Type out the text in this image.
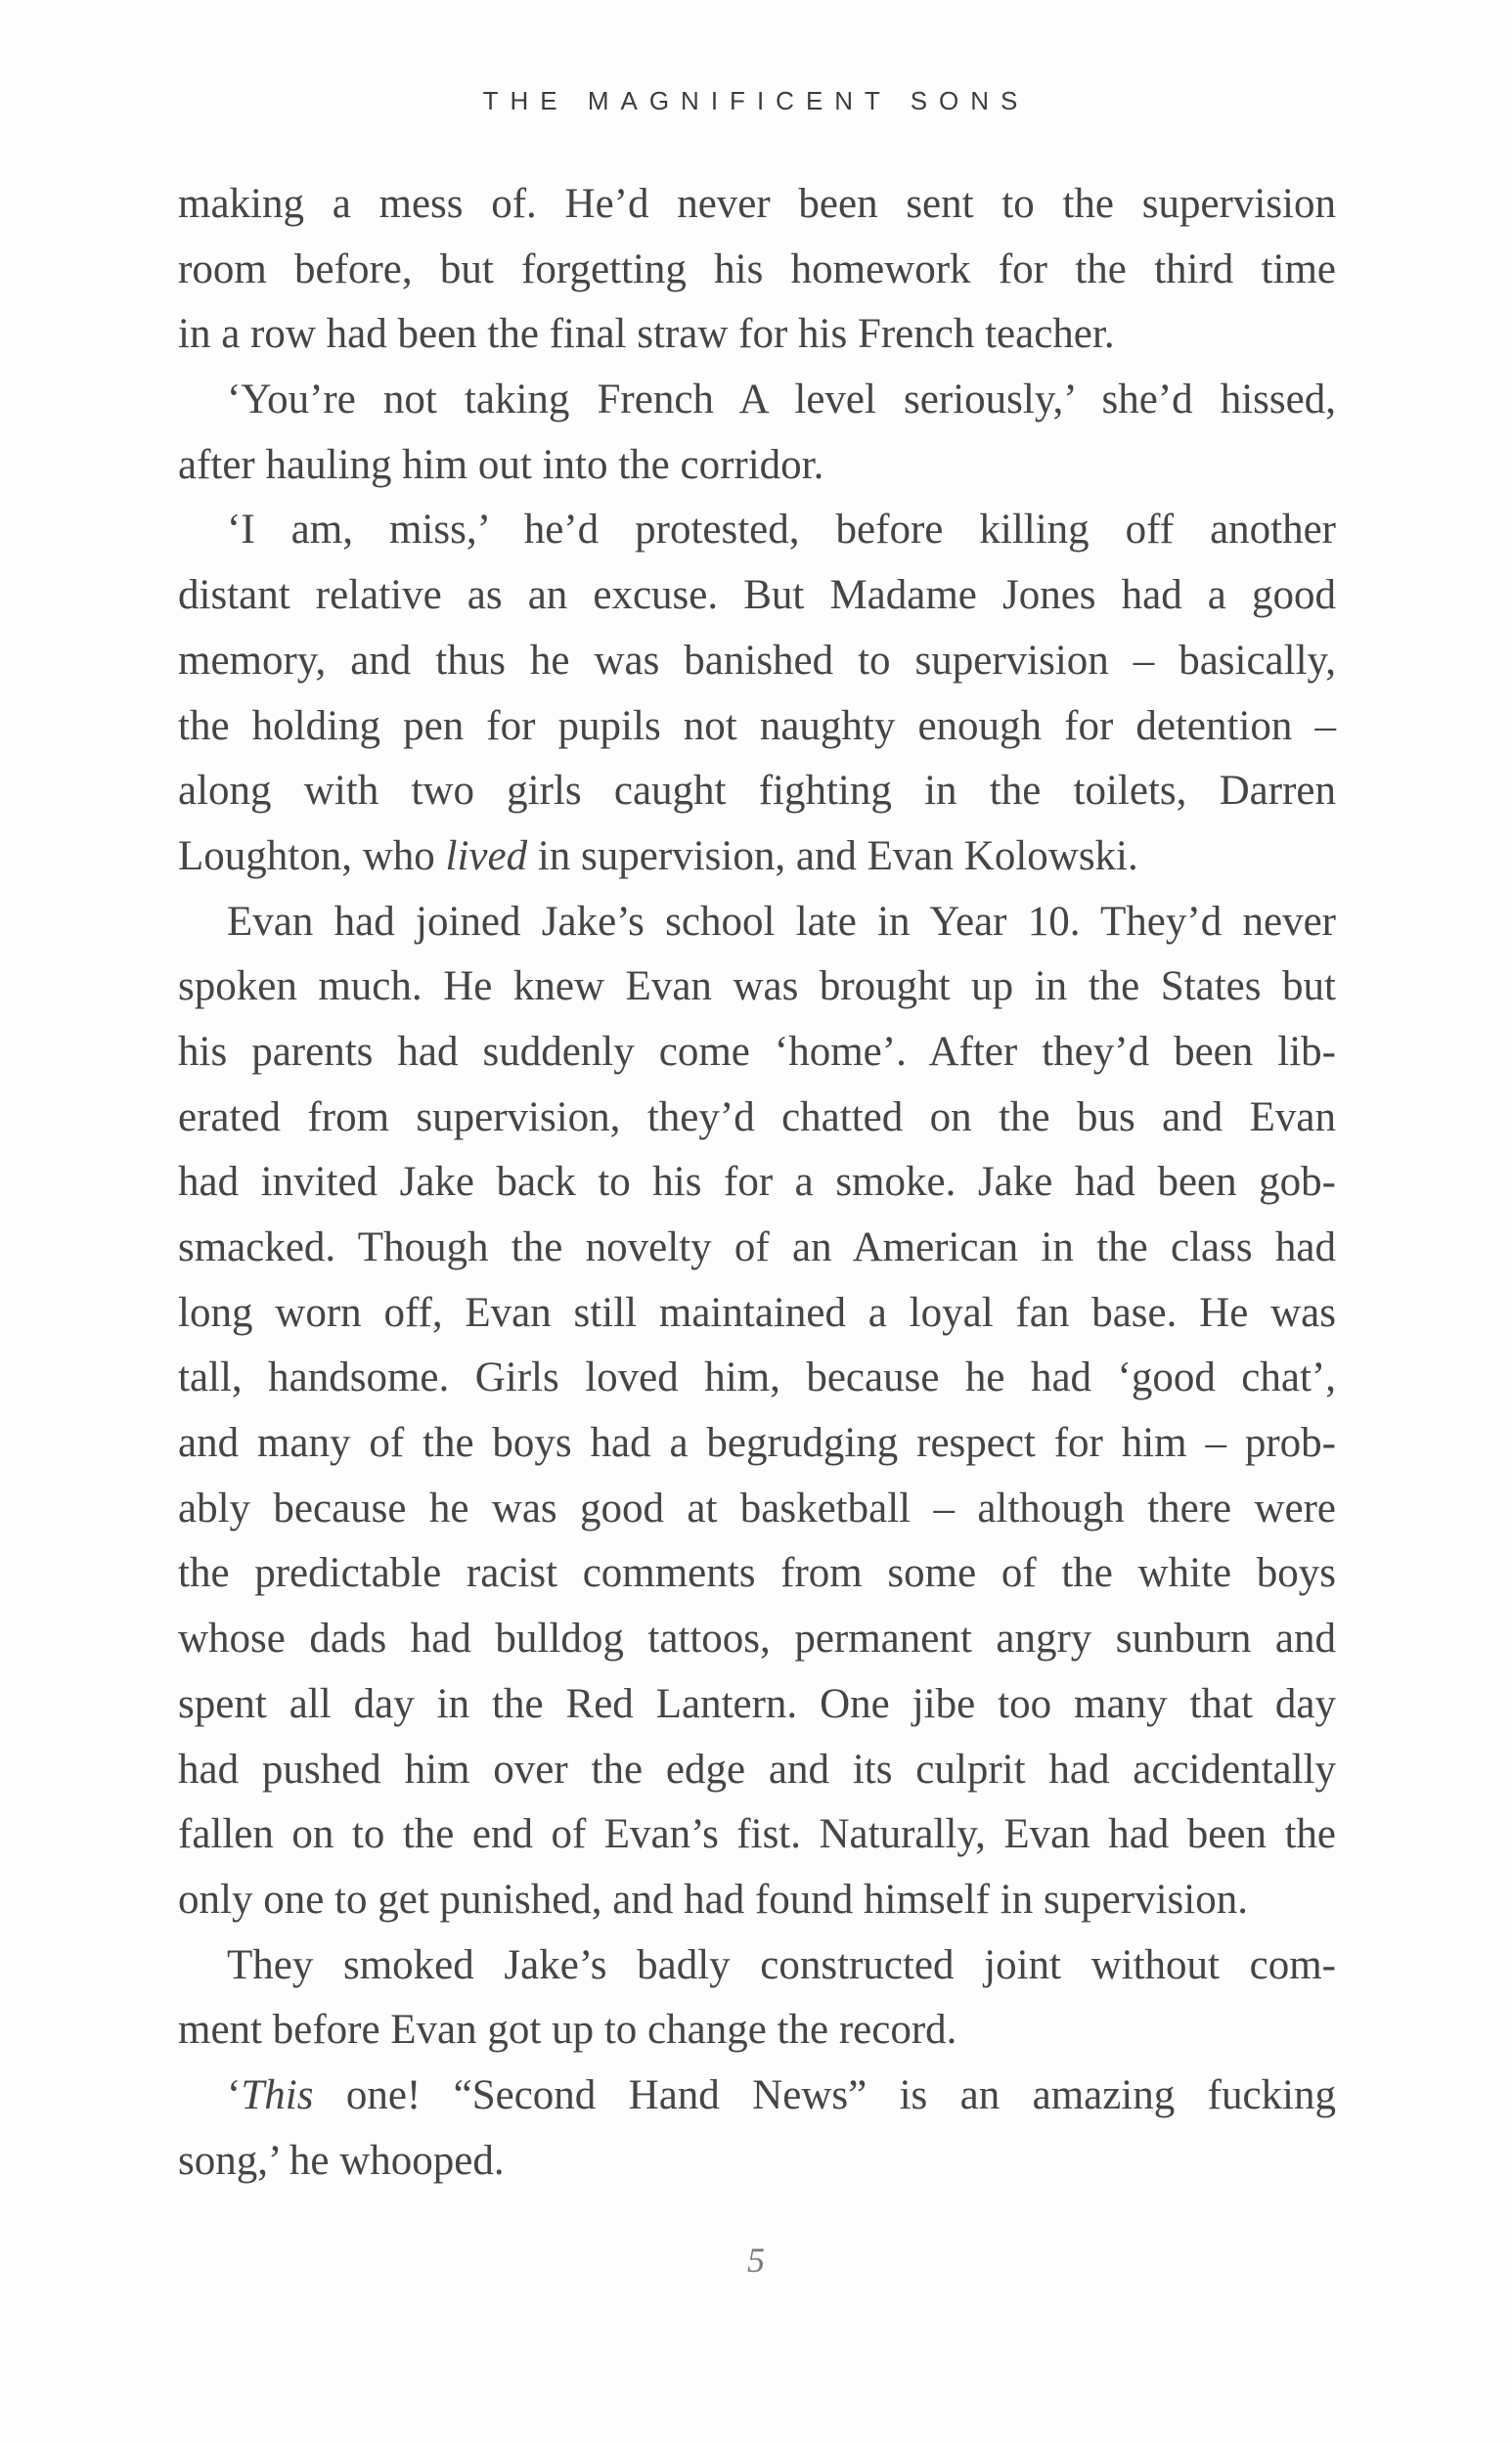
THE MAGNIFICENT SONS
making a mess of. He’d never been sent to the supervision
room before, but forgetting his homework for the third time
in a row had been the final straw for his French teacher.
‘You’re not taking French A level seriously,’ she’d hissed,
after hauling him out into the corridor.
‘I am, miss,’ he’d protested, before killing off another
distant relative as an excuse. But Madame Jones had a good
memory, and thus he was banished to supervision – basically,
the holding pen for pupils not naughty enough for detention –
along with two girls caught fighting in the toilets, Darren
Loughton, who lived in supervision, and Evan Kolowski.
Evan had joined Jake’s school late in Year 10. They’d never
spoken much. He knew Evan was brought up in the States but
his parents had suddenly come ‘home’. After they’d been lib-
erated from supervision, they’d chatted on the bus and Evan
had invited Jake back to his for a smoke. Jake had been gob-
smacked. Though the novelty of an American in the class had
long worn off, Evan still maintained a loyal fan base. He was
tall, handsome. Girls loved him, because he had ‘good chat’,
and many of the boys had a begrudging respect for him – prob-
ably because he was good at basketball – although there were
the predictable racist comments from some of the white boys
whose dads had bulldog tattoos, permanent angry sunburn and
spent all day in the Red Lantern. One jibe too many that day
had pushed him over the edge and its culprit had accidentally
fallen on to the end of Evan’s fist. Naturally, Evan had been the
only one to get punished, and had found himself in supervision.
They smoked Jake’s badly constructed joint without com-
ment before Evan got up to change the record.
‘This one! “Second Hand News” is an amazing fucking
song,’ he whooped.
5
